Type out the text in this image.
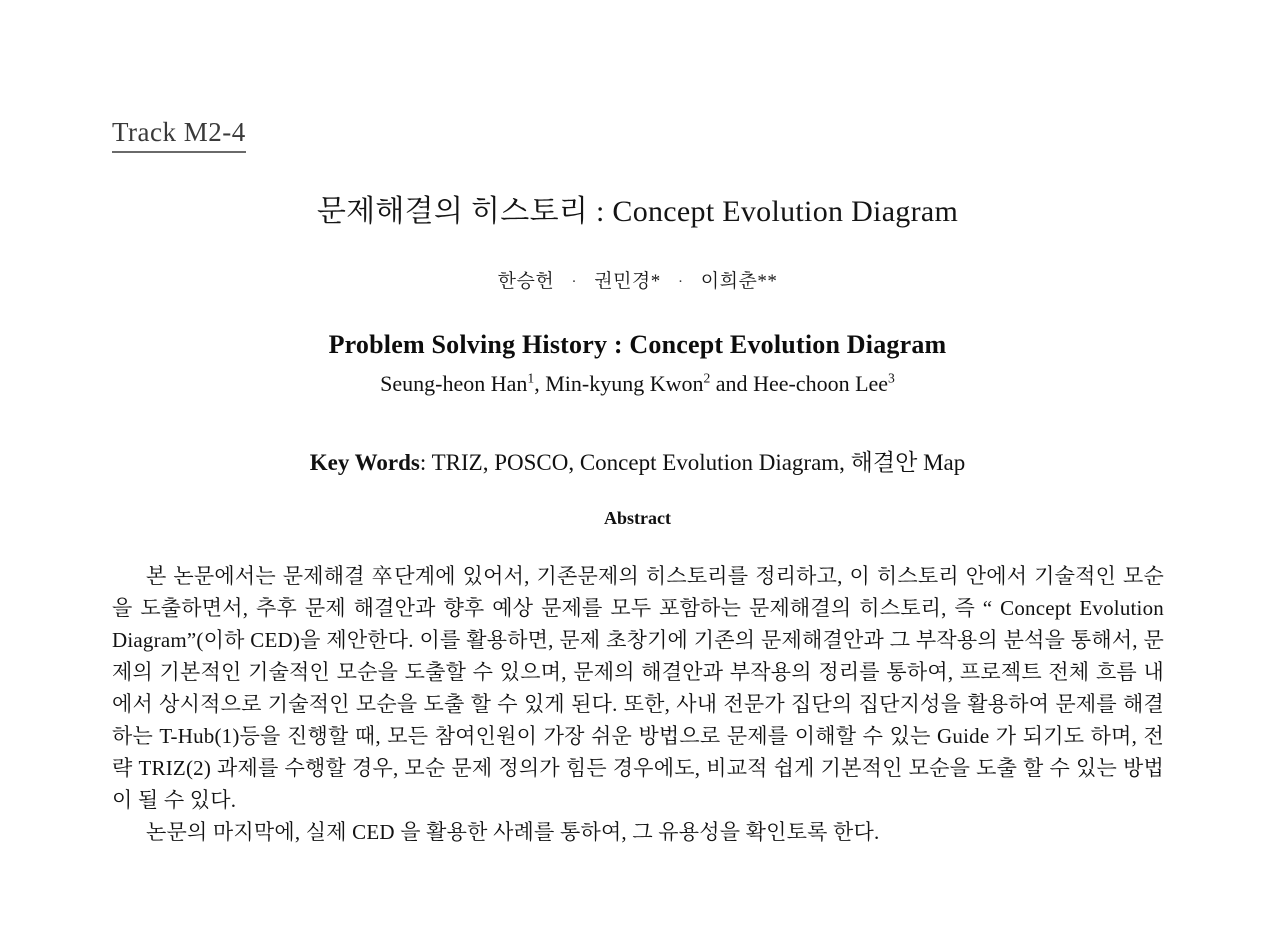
Track M2-4
문제해결의 히스토리 : Concept Evolution Diagram
한승헌 · 권민경* · 이희춘**
Problem Solving History : Concept Evolution Diagram
Seung-heon Han$^1$, Min-kyung Kwon$^2$ and Hee-choon Lee$^3$
Key Words: TRIZ, POSCO, Concept Evolution Diagram, 해결안 Map
Abstract

본 논문에서는 문제해결 卒단계에 있어서, 기존문제의 히스토리를 정리하고, 이 히스토리 안에서 기술적인 모순을 도출하면서, 추후 문제 해결안과 향후 예상 문제를 모두 포함하는 문제해결의 히스토리, 즉 “ Concept Evolution Diagram”(이하 CED)을 제안한다. 이를 활용하면, 문제 초창기에 기존의 문제해결안과 그 부작용의 분석을 통해서, 문제의 기본적인 기술적인 모순을 도출할 수 있으며, 문제의 해결안과 부작용의 정리를 통하여, 프로젝트 전체 흐름 내에서 상시적으로 기술적인 모순을 도출 할 수 있게 된다. 또한, 사내 전문가 집단의 집단지성을 활용하여 문제를 해결하는 T-Hub(1)등을 진행할 때, 모든 참여인원이 가장 쉬운 방법으로 문제를 이해할 수 있는 Guide 가 되기도 하며, 전략 TRIZ(2) 과제를 수행할 경우, 모순 문제 정의가 힘든 경우에도, 비교적 쉽게 기본적인 모순을 도출 할 수 있는 방법이 될 수 있다.

논문의 마지막에, 실제 CED 을 활용한 사례를 통하여, 그 유용성을 확인토록 한다.
